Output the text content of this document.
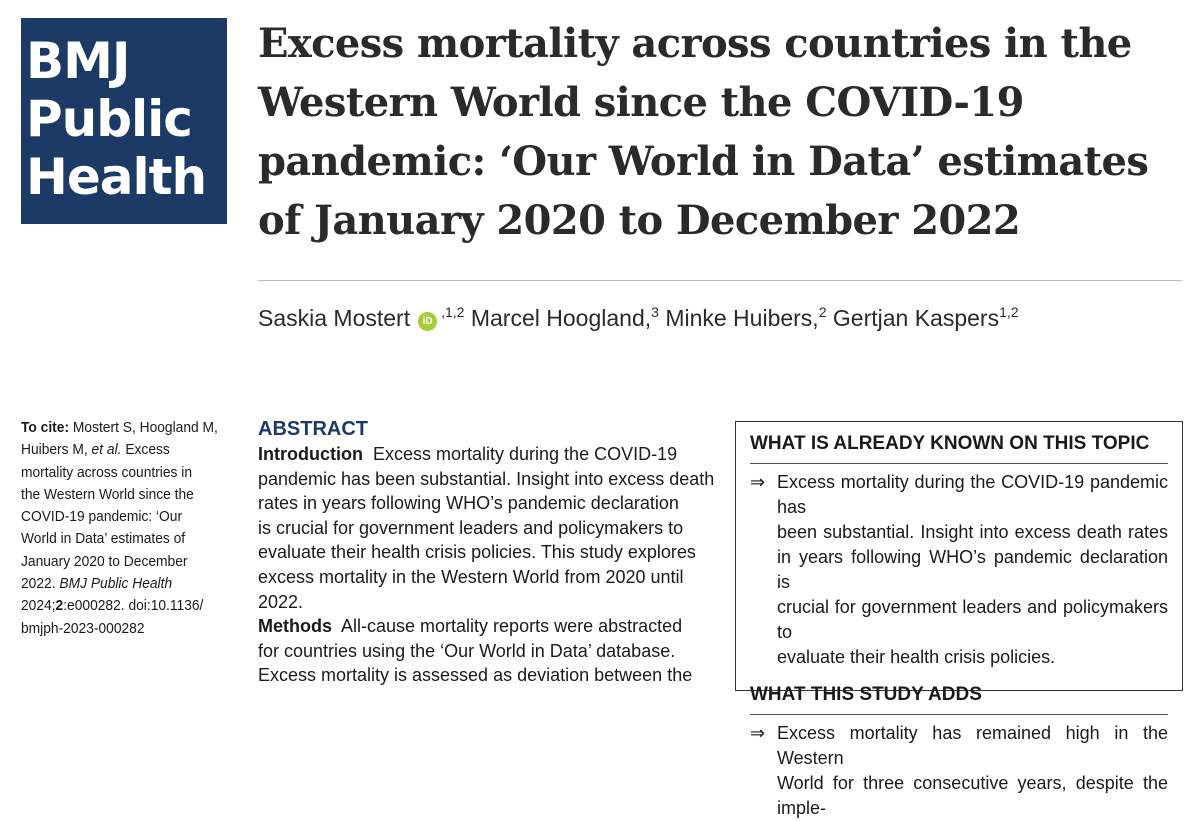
BMJ
Public
Health
Excess mortality across countries in the
Western World since the COVID-19
pandemic: ‘Our World in Data’ estimates
of January 2020 to December 2022
Saskia Mostert $iD^{,1,2}$ Marcel Hoogland,$^3$ Minke Huibers,$^2$ Gertjan Kaspers$^{1,2}$
To cite: Mostert S, Hoogland M,
Huibers M, et al. Excess
mortality across countries in
the Western World since the
COVID-19 pandemic: ‘Our
World in Data’ estimates of
January 2020 to December
2022. BMJ Public Health
2024;2:e000282. doi:10.1136/
bmjph-2023-000282
ABSTRACT
Introduction  Excess mortality during the COVID-19
pandemic has been substantial. Insight into excess death
rates in years following WHO’s pandemic declaration
is crucial for government leaders and policymakers to
evaluate their health crisis policies. This study explores
excess mortality in the Western World from 2020 until
2022.
Methods  All-cause mortality reports were abstracted
for countries using the ‘Our World in Data’ database.
Excess mortality is assessed as deviation between the
WHAT IS ALREADY KNOWN ON THIS TOPIC
⇒ Excess mortality during the COVID-19 pandemic has
been substantial. Insight into excess death rates
in years following WHO’s pandemic declaration is
crucial for government leaders and policymakers to
evaluate their health crisis policies.
WHAT THIS STUDY ADDS
⇒ Excess mortality has remained high in the Western
World for three consecutive years, despite the imple-
